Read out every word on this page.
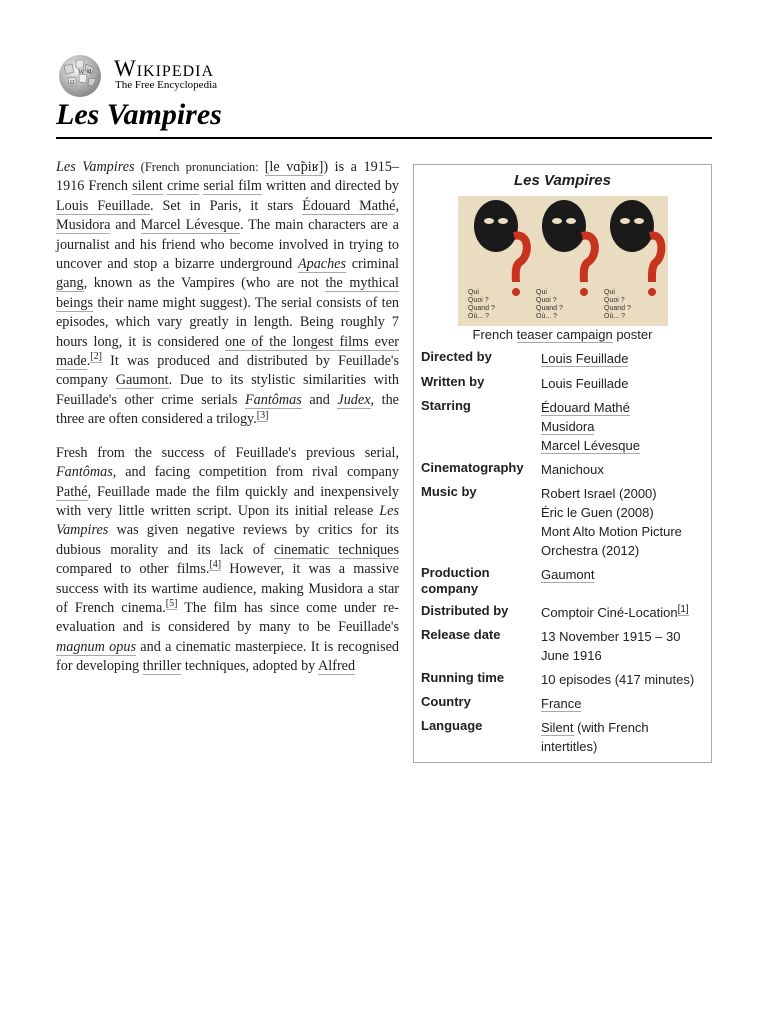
W
Ω
И Wikipedia
The Free Encyclopedia
Les Vampires

Les Vampires (French pronunciation: [le vɑ̃piʁ]) is a 1915–1916 French silent crime serial film written and directed by Louis Feuillade. Set in Paris, it stars Édouard Mathé, Musidora and Marcel Lévesque. The main characters are a journalist and his friend who become involved in trying to uncover and stop a bizarre underground Apaches criminal gang, known as the Vampires (who are not the mythical beings their name might suggest). The serial consists of ten episodes, which vary greatly in length. Being roughly 7 hours long, it is considered one of the longest films ever made.[2] It was produced and distributed by Feuillade's company Gaumont. Due to its stylistic similarities with Feuillade's other crime serials Fantômas and Judex, the three are often considered a trilogy.[3]

Fresh from the success of Feuillade's previous serial, Fantômas, and facing competition from rival company Pathé, Feuillade made the film quickly and inexpensively with very little written script. Upon its initial release Les Vampires was given negative reviews by critics for its dubious morality and its lack of cinematic techniques compared to other films.[4] However, it was a massive success with its wartime audience, making Musidora a star of French cinema.[5] The film has since come under re-evaluation and is considered by many to be Feuillade's magnum opus and a cinematic masterpiece. It is recognised for developing thriller techniques, adopted by Alfred

Les Vampires
Qui
Quoi ?
Quand ?
Où... ?
Qui
Quoi ?
Quand ?
Où... ?
Qui
Quoi ?
Quand ?
Où... ?
French teaser campaign poster
Directed by	Louis Feuillade
Written by	Louis Feuillade
Starring	Édouard Mathé
Musidora
Marcel Lévesque
Cinematography	Manichoux
Music by	Robert Israel (2000)
Éric le Guen (2008)
Mont Alto Motion Picture
Orchestra (2012)
Production company
Gaumont
Distributed by	Comptoir Ciné-Location[1]
Release date	13 November 1915 – 30
June 1916
Running time	10 episodes (417 minutes)
Country	France
Language	Silent (with French
intertitles)
